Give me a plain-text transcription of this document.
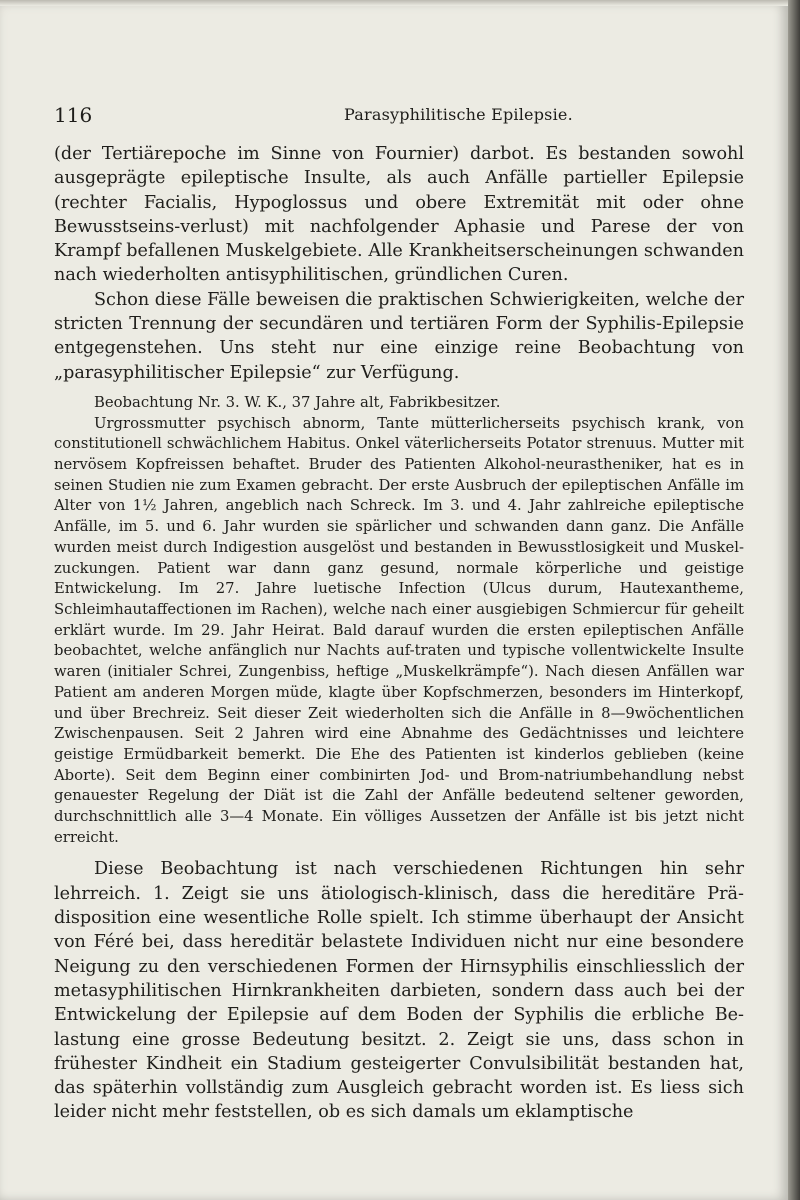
116	Parasyphilitische Epilepsie.

(der Tertiärepoche im Sinne von Fournier) darbot. Es bestanden sowohl ausgeprägte epileptische Insulte, als auch Anfälle partieller Epilepsie (rechter Facialis, Hypoglossus und obere Extremität mit oder ohne Bewusstseins-verlust) mit nachfolgender Aphasie und Parese der von Krampf befallenen Muskelgebiete. Alle Krankheitserscheinungen schwanden nach wiederholten antisyphilitischen, gründlichen Curen.

Schon diese Fälle beweisen die praktischen Schwierigkeiten, welche der stricten Trennung der secundären und tertiären Form der Syphilis-Epilepsie entgegenstehen. Uns steht nur eine einzige reine Beobachtung von „parasyphilitischer Epilepsie“ zur Verfügung.

Beobachtung Nr. 3. W. K., 37 Jahre alt, Fabrikbesitzer.

Urgrossmutter psychisch abnorm, Tante mütterlicherseits psychisch krank, von constitutionell schwächlichem Habitus. Onkel väterlicherseits Potator strenuus. Mutter mit nervösem Kopfreissen behaftet. Bruder des Patienten Alkohol-neurastheniker, hat es in seinen Studien nie zum Examen gebracht. Der erste Ausbruch der epileptischen Anfälle im Alter von 1½ Jahren, angeblich nach Schreck. Im 3. und 4. Jahr zahlreiche epileptische Anfälle, im 5. und 6. Jahr wurden sie spärlicher und schwanden dann ganz. Die Anfälle wurden meist durch Indigestion ausgelöst und bestanden in Bewusstlosigkeit und Muskel-zuckungen. Patient war dann ganz gesund, normale körperliche und geistige Entwickelung. Im 27. Jahre luetische Infection (Ulcus durum, Hautexantheme, Schleimhautaffectionen im Rachen), welche nach einer ausgiebigen Schmiercur für geheilt erklärt wurde. Im 29. Jahr Heirat. Bald darauf wurden die ersten epileptischen Anfälle beobachtet, welche anfänglich nur Nachts auf-traten und typische vollentwickelte Insulte waren (initialer Schrei, Zungenbiss, heftige „Muskelkrämpfe“). Nach diesen Anfällen war Patient am anderen Morgen müde, klagte über Kopfschmerzen, besonders im Hinterkopf, und über Brechreiz. Seit dieser Zeit wiederholten sich die Anfälle in 8—9wöchentlichen Zwischenpausen. Seit 2 Jahren wird eine Abnahme des Gedächtnisses und leichtere geistige Ermüdbarkeit bemerkt. Die Ehe des Patienten ist kinderlos geblieben (keine Aborte). Seit dem Beginn einer combinirten Jod- und Brom-natriumbehandlung nebst genauester Regelung der Diät ist die Zahl der Anfälle bedeutend seltener geworden, durchschnittlich alle 3—4 Monate. Ein völliges Aussetzen der Anfälle ist bis jetzt nicht erreicht.

Diese Beobachtung ist nach verschiedenen Richtungen hin sehr lehrreich. 1. Zeigt sie uns ätiologisch-klinisch, dass die hereditäre Prä-disposition eine wesentliche Rolle spielt. Ich stimme überhaupt der Ansicht von Féré bei, dass hereditär belastete Individuen nicht nur eine besondere Neigung zu den verschiedenen Formen der Hirnsyphilis einschliesslich der metasyphilitischen Hirnkrankheiten darbieten, sondern dass auch bei der Entwickelung der Epilepsie auf dem Boden der Syphilis die erbliche Be-lastung eine grosse Bedeutung besitzt. 2. Zeigt sie uns, dass schon in frühester Kindheit ein Stadium gesteigerter Convulsibilität bestanden hat, das späterhin vollständig zum Ausgleich gebracht worden ist. Es liess sich leider nicht mehr feststellen, ob es sich damals um eklamptische
